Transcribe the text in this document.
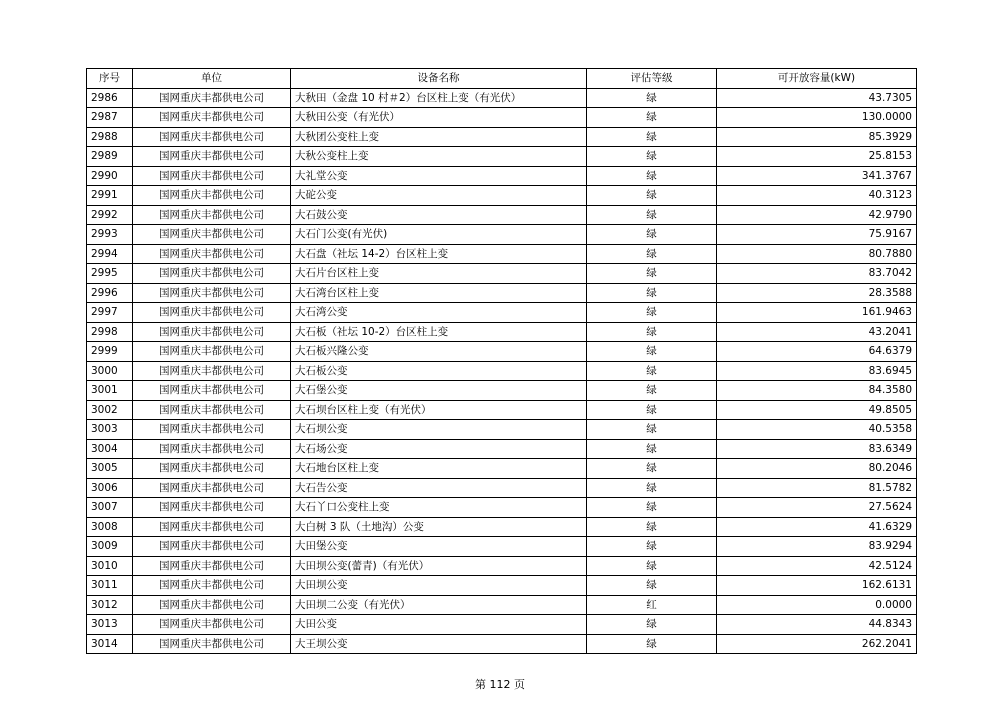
序号	单位	设备名称	评估等级	可开放容量(kW)
2986	国网重庆丰都供电公司	大秋田（金盘 10 村＃2）台区柱上变（有光伏）	绿	43.7305
2987	国网重庆丰都供电公司	大秋田公变（有光伏）	绿	130.0000
2988	国网重庆丰都供电公司	大秋团公变柱上变	绿	85.3929
2989	国网重庆丰都供电公司	大秋公变柱上变	绿	25.8153
2990	国网重庆丰都供电公司	大礼堂公变	绿	341.3767
2991	国网重庆丰都供电公司	大砣公变	绿	40.3123
2992	国网重庆丰都供电公司	大石鼓公变	绿	42.9790
2993	国网重庆丰都供电公司	大石门公变(有光伏)	绿	75.9167
2994	国网重庆丰都供电公司	大石盘（社坛 14-2）台区柱上变	绿	80.7880
2995	国网重庆丰都供电公司	大石片台区柱上变	绿	83.7042
2996	国网重庆丰都供电公司	大石湾台区柱上变	绿	28.3588
2997	国网重庆丰都供电公司	大石湾公变	绿	161.9463
2998	国网重庆丰都供电公司	大石板（社坛 10-2）台区柱上变	绿	43.2041
2999	国网重庆丰都供电公司	大石板兴隆公变	绿	64.6379
3000	国网重庆丰都供电公司	大石板公变	绿	83.6945
3001	国网重庆丰都供电公司	大石堡公变	绿	84.3580
3002	国网重庆丰都供电公司	大石坝台区柱上变（有光伏）	绿	49.8505
3003	国网重庆丰都供电公司	大石坝公变	绿	40.5358
3004	国网重庆丰都供电公司	大石场公变	绿	83.6349
3005	国网重庆丰都供电公司	大石地台区柱上变	绿	80.2046
3006	国网重庆丰都供电公司	大石告公变	绿	81.5782
3007	国网重庆丰都供电公司	大石丫口公变柱上变	绿	27.5624
3008	国网重庆丰都供电公司	大白树 3 队（土地沟）公变	绿	41.6329
3009	国网重庆丰都供电公司	大田堡公变	绿	83.9294
3010	国网重庆丰都供电公司	大田坝公变(蕾青)（有光伏）	绿	42.5124
3011	国网重庆丰都供电公司	大田坝公变	绿	162.6131
3012	国网重庆丰都供电公司	大田坝二公变（有光伏）	红	0.0000
3013	国网重庆丰都供电公司	大田公变	绿	44.8343
3014	国网重庆丰都供电公司	大王坝公变	绿	262.2041
第 112 页
